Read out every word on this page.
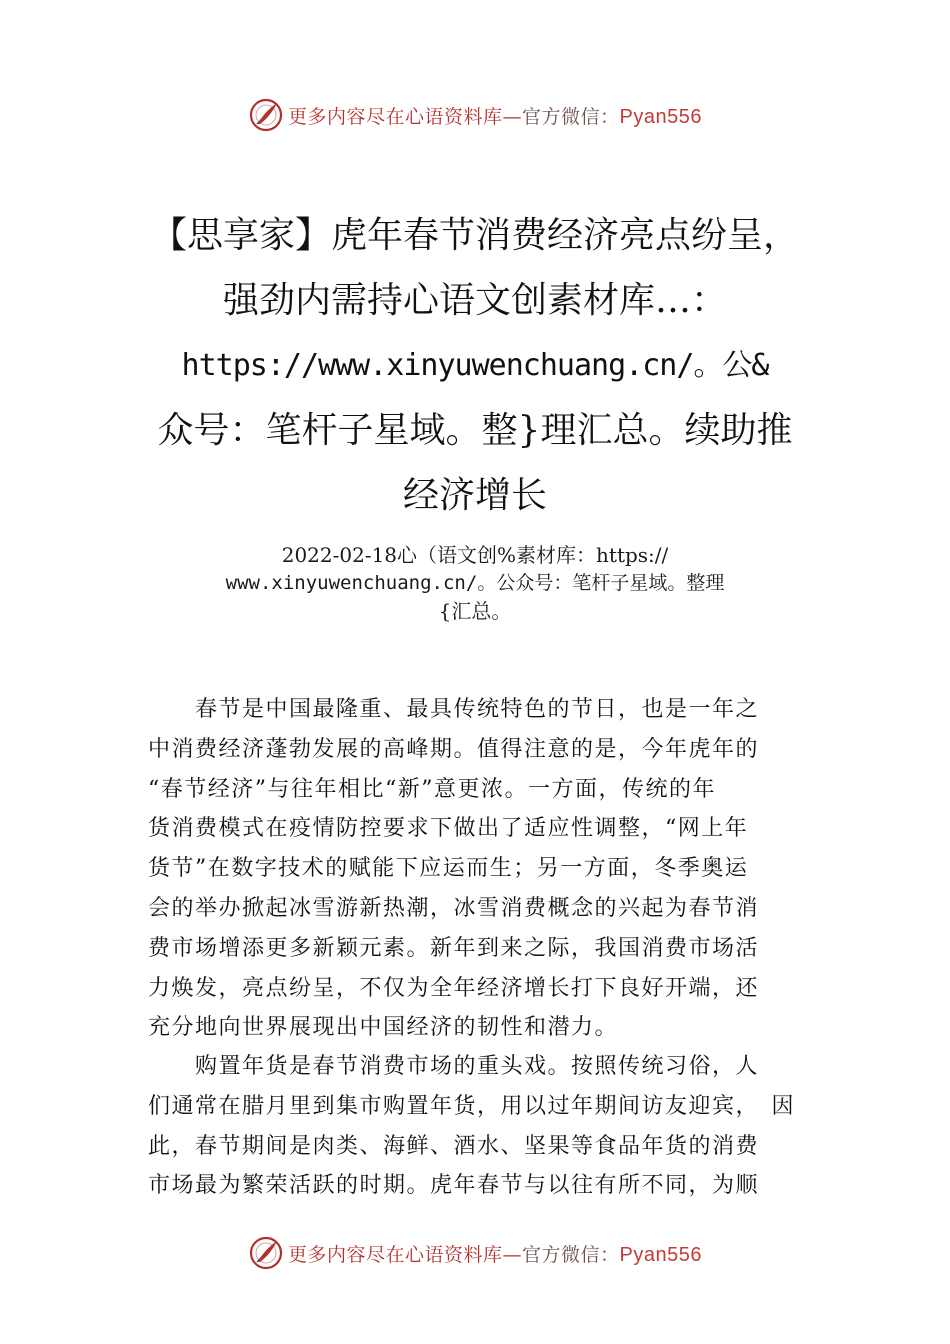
更多内容尽在心语资料库—官方微信：Pyan556
【思享家】虎年春节消费经济亮点纷呈，
强劲内需持心语文创素材库…：
https://www.xinyuwenchuang.cn/。公&
众号：笔杆子星域。整}理汇总。续助推
经济增长
2022-02-18心（语文创%素材库：https://
www.xinyuwenchuang.cn/。公众号：笔杆子星域。整理
{汇总。
　　春节是中国最隆重、最具传统特色的节日，也是一年之
中消费经济蓬勃发展的高峰期。值得注意的是，今年虎年的
“春节经济”与往年相比“新”意更浓。一方面，传统的年
货消费模式在疫情防控要求下做出了适应性调整，“网上年
货节”在数字技术的赋能下应运而生；另一方面，冬季奥运
会的举办掀起冰雪游新热潮，冰雪消费概念的兴起为春节消
费市场增添更多新颖元素。新年到来之际，我国消费市场活
力焕发，亮点纷呈，不仅为全年经济增长打下良好开端，还
充分地向世界展现出中国经济的韧性和潜力。
　　购置年货是春节消费市场的重头戏。按照传统习俗，人
们通常在腊月里到集市购置年货，用以过年期间访友迎宾，　因
此，春节期间是肉类、海鲜、酒水、坚果等食品年货的消费
市场最为繁荣活跃的时期。虎年春节与以往有所不同，为顺
更多内容尽在心语资料库—官方微信：Pyan556
